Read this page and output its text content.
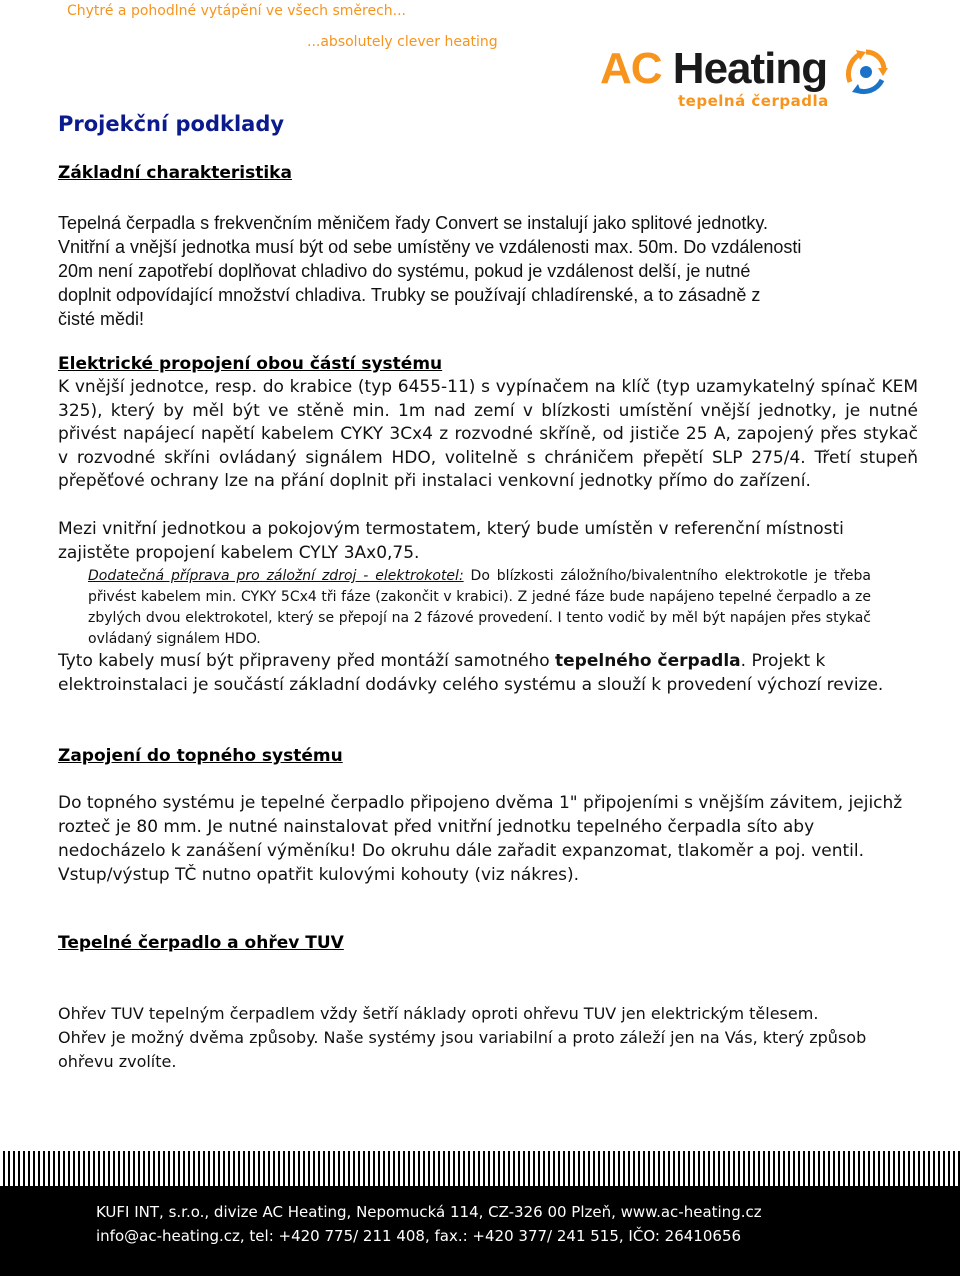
Chytré a pohodlné vytápění ve všech směrech...
...absolutely clever heating
AC Heating
tepelná čerpadla
Projekční podklady
Základní charakteristika
Tepelná čerpadla s frekvenčním měničem řady Convert se instalují jako splitové jednotky.
Vnitřní a vnější jednotka musí být od sebe umístěny ve vzdálenosti max. 50m. Do vzdálenosti
20m není zapotřebí doplňovat chladivo do systému, pokud je vzdálenost delší, je nutné
doplnit odpovídající množství chladiva. Trubky se používají chladírenské, a to zásadně z
čisté mědi!
Elektrické propojení obou částí systému

K vnější jednotce, resp. do krabice (typ 6455-11) s vypínačem na klíč (typ uzamykatelný spínač KEM 325), který by měl být ve stěně min. 1m nad zemí v blízkosti umístění vnější jednotky, je nutné přivést napájecí napětí kabelem CYKY 3Cx4 z rozvodné skříně, od jističe 25 A, zapojený přes stykač v rozvodné skříni ovládaný signálem HDO, volitelně s chráničem přepětí SLP 275/4. Třetí stupeň přepěťové ochrany lze na přání doplnit při instalaci venkovní jednotky přímo do zařízení.

Mezi vnitřní jednotkou a pokojovým termostatem, který bude umístěn v referenční místnosti zajistěte propojení kabelem CYLY 3Ax0,75.

Dodatečná příprava pro záložní zdroj - elektrokotel: Do blízkosti záložního/bivalentního elektrokotle je třeba přivést kabelem min. CYKY 5Cx4 tři fáze (zakončit v krabici). Z jedné fáze bude napájeno tepelné čerpadlo a ze zbylých dvou elektrokotel, který se přepojí na 2 fázové provedení. I tento vodič by měl být napájen přes stykač ovládaný signálem HDO.

Tyto kabely musí být připraveny před montáží samotného tepelného čerpadla. Projekt k elektroinstalaci je součástí základní dodávky celého systému a slouží k provedení výchozí revize.

Zapojení do topného systému

Do topného systému je tepelné čerpadlo připojeno dvěma 1" připojeními s vnějším závitem, jejichž rozteč je 80 mm. Je nutné nainstalovat před vnitřní jednotku tepelného čerpadla síto aby nedocházelo k zanášení výměníku! Do okruhu dále zařadit expanzomat, tlakoměr a poj. ventil. Vstup/výstup TČ nutno opatřit kulovými kohouty (viz nákres).

Tepelné čerpadlo a ohřev TUV

Ohřev TUV tepelným čerpadlem vždy šetří náklady oproti ohřevu TUV jen elektrickým tělesem. Ohřev je možný dvěma způsoby. Naše systémy jsou variabilní a proto záleží jen na Vás, který způsob ohřevu zvolíte.

KUFI INT, s.r.o., divize AC Heating, Nepomucká 114, CZ-326 00 Plzeň, www.ac-heating.cz
info@ac-heating.cz, tel: +420 775/ 211 408, fax.: +420 377/ 241 515, IČO: 26410656
